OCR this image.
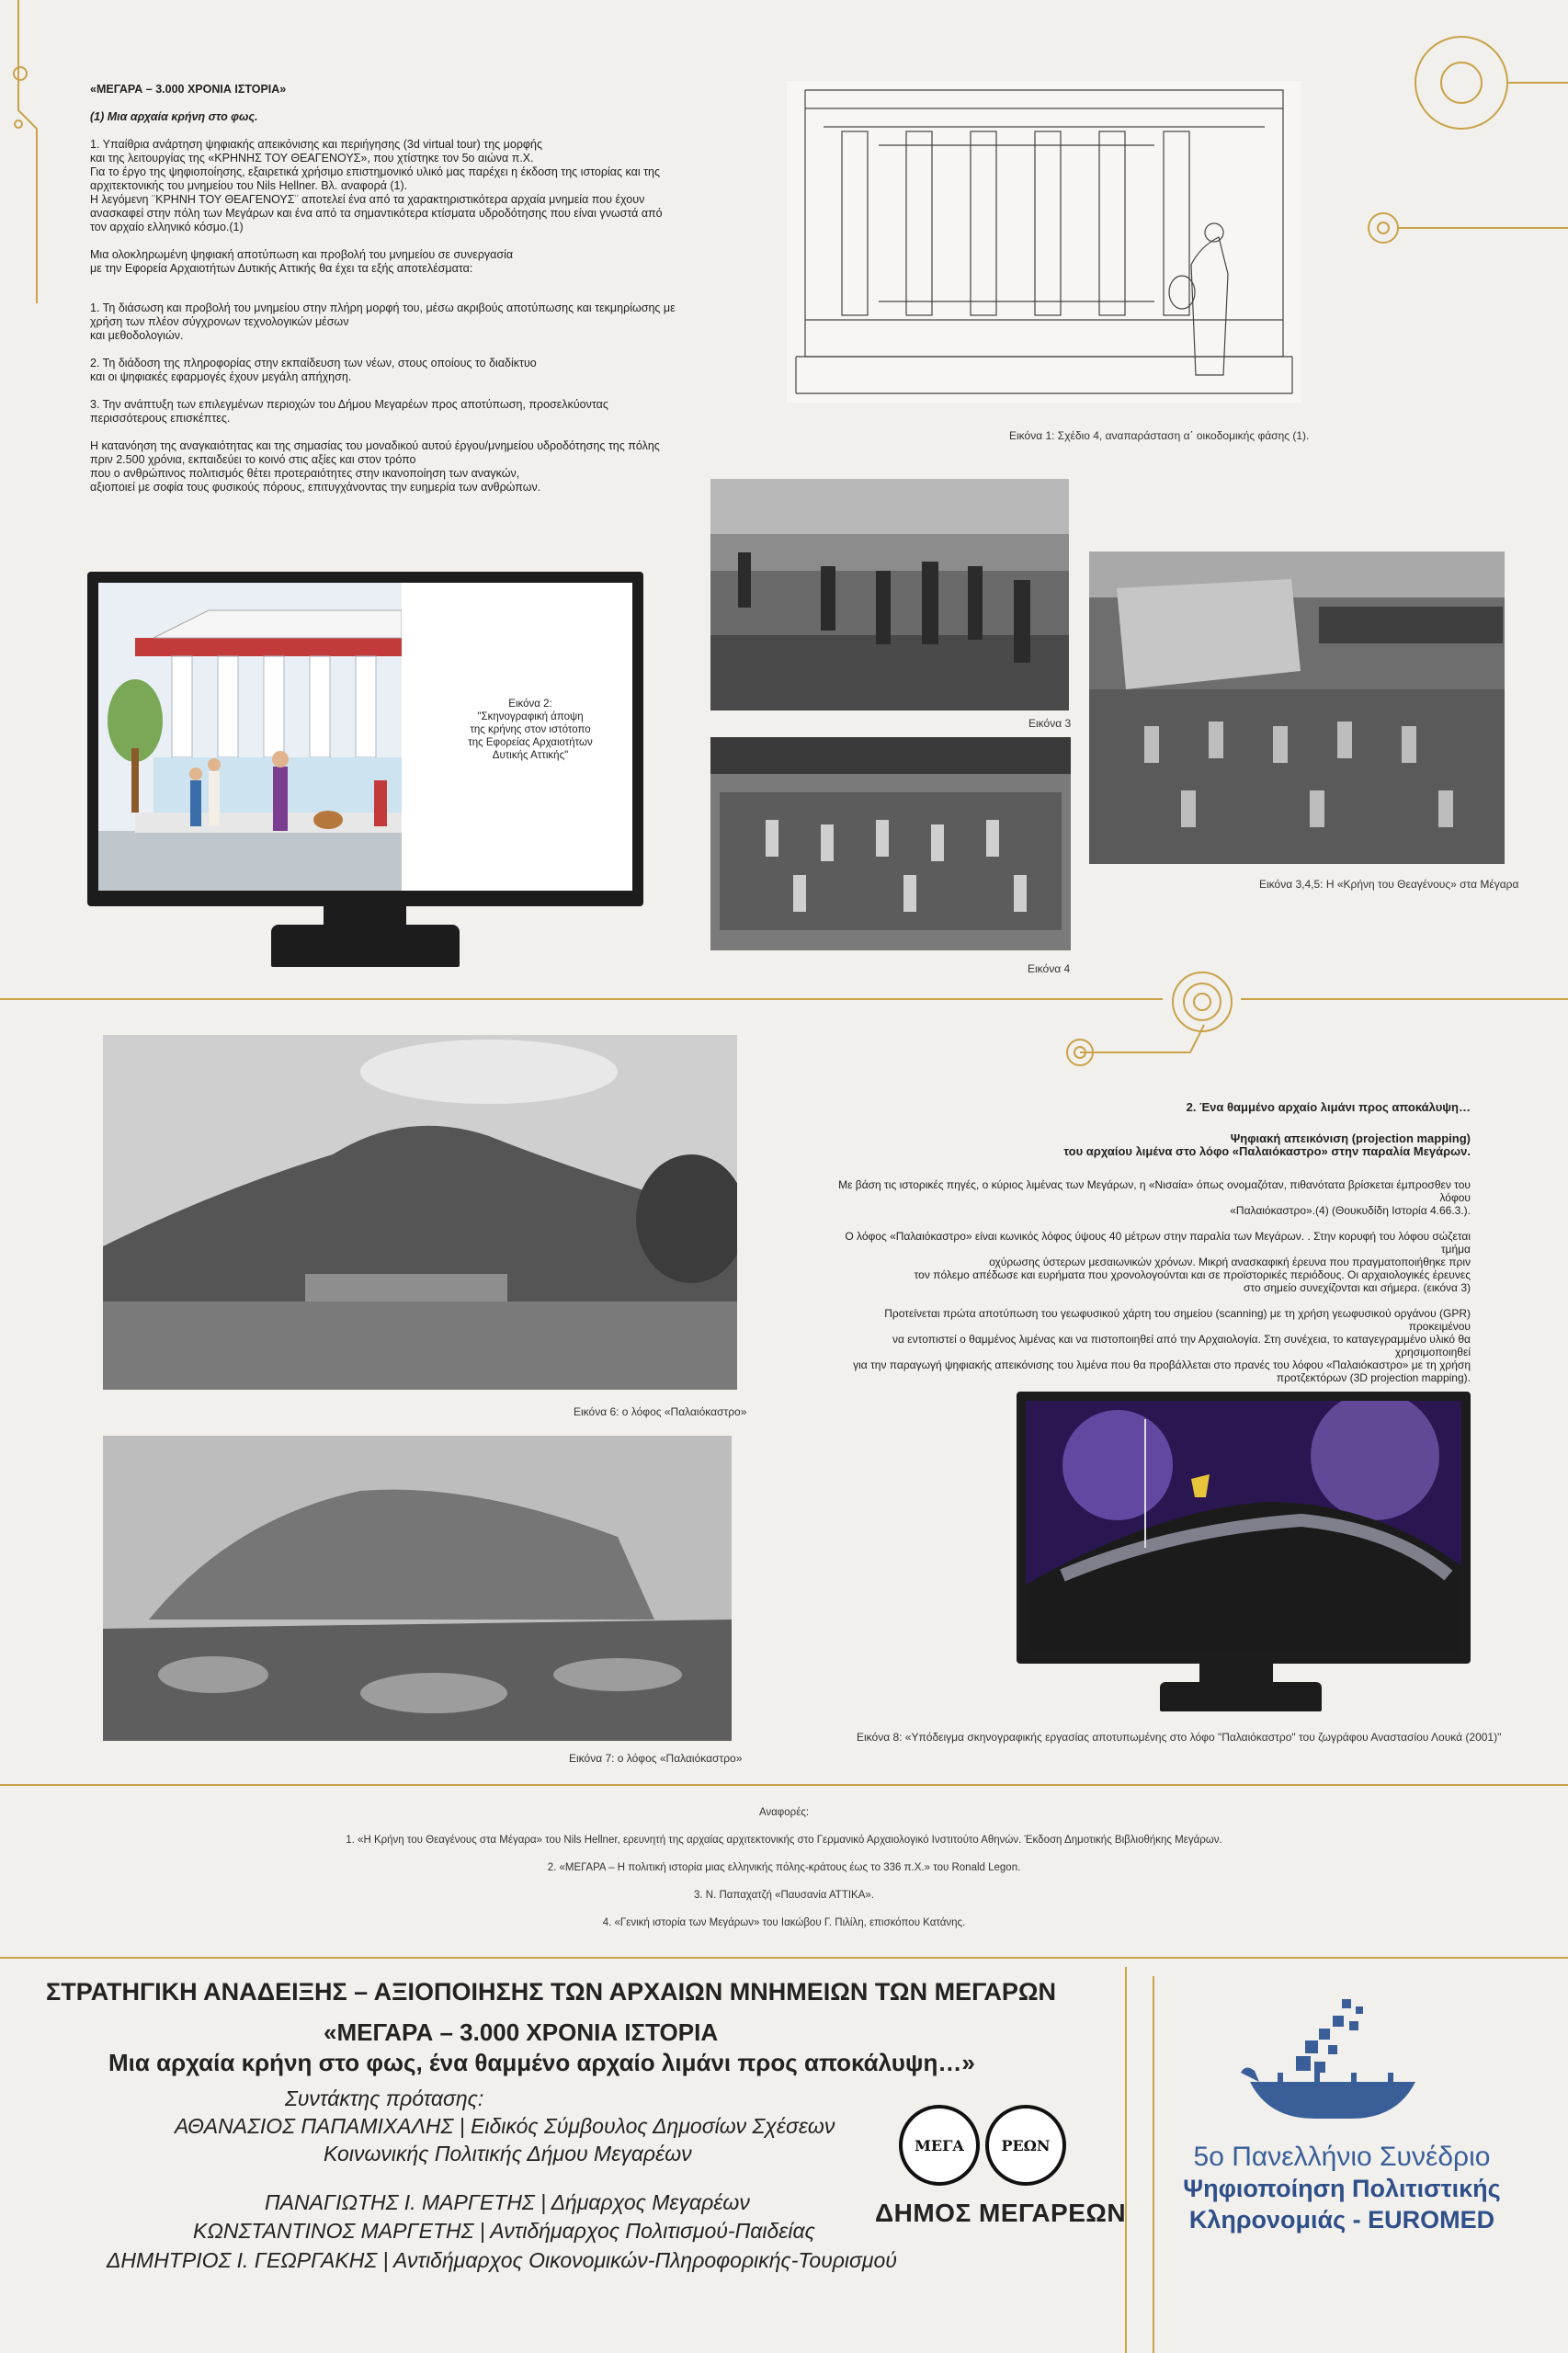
«ΜΕΓΑΡΑ – 3.000 ΧΡΟΝΙΑ ΙΣΤΟΡΙΑ»

(1) Μια αρχαία κρήνη στο φως.

1. Υπαίθρια ανάρτηση ψηφιακής απεικόνισης και περιήγησης (3d virtual tour) της μορφής
και της λειτουργίας της «ΚΡΗΝΗΣ ΤΟΥ ΘΕΑΓΕΝΟΥΣ», που χτίστηκε τον 5ο αιώνα π.Χ.
Για το έργο της ψηφιοποίησης, εξαιρετικά χρήσιμο επιστημονικό υλικό μας παρέχει η έκδοση της ιστορίας και της αρχιτεκτονικής του μνημείου του Nils Hellner. Βλ. αναφορά (1).
Η λεγόμενη ¨ΚΡΗΝΗ ΤΟΥ ΘΕΑΓΕΝΟΥΣ¨ αποτελεί ένα από τα χαρακτηριστικότερα αρχαία μνημεία που έχουν ανασκαφεί στην πόλη των Μεγάρων και ένα από τα σημαντικότερα κτίσματα υδροδότησης που είναι γνωστά από τον αρχαίο ελληνικό κόσμο.(1)

Μια ολοκληρωμένη ψηφιακή αποτύπωση και προβολή του μνημείου σε συνεργασία
με την Εφορεία Αρχαιοτήτων Δυτικής Αττικής θα έχει τα εξής αποτελέσματα:

1. Τη διάσωση και προβολή του μνημείου στην πλήρη μορφή του, μέσω ακριβούς αποτύπωσης και τεκμηρίωσης με χρήση των πλέον σύγχρονων τεχνολογικών μέσων
και μεθοδολογιών.

2. Τη διάδοση της πληροφορίας στην εκπαίδευση των νέων, στους οποίους το διαδίκτυο
και οι ψηφιακές εφαρμογές έχουν μεγάλη απήχηση.

3. Την ανάπτυξη των επιλεγμένων περιοχών του Δήμου Μεγαρέων προς αποτύπωση, προσελκύοντας περισσότερους επισκέπτες.

Η κατανόηση της αναγκαιότητας και της σημασίας του μοναδικού αυτού έργου/μνημείου υδροδότησης της πόλης
πριν 2.500 χρόνια, εκπαιδεύει το κοινό στις αξίες και στον τρόπο
που ο ανθρώπινος πολιτισμός θέτει προτεραιότητες στην ικανοποίηση των αναγκών,
αξιοποιεί με σοφία τους φυσικούς πόρους, επιτυγχάνοντας την ευημερία των ανθρώπων.

Εικόνα 1: Σχέδιο 4, αναπαράσταση α΄ οικοδομικής φάσης (1).
Εικόνα 2:
"Σκηνογραφική άποψη
της κρήνης στον ιστότοπο
της Εφορείας Αρχαιοτήτων
Δυτικής Αττικής"
Εικόνα 3
Εικόνα 4
Εικόνα 3,4,5: Η «Κρήνη του Θεαγένους» στα Μέγαρα
Εικόνα 6: ο λόφος «Παλαιόκαστρο»
Εικόνα 7: ο λόφος «Παλαιόκαστρο»

2. Ένα θαμμένο αρχαίο λιμάνι προς αποκάλυψη…

Ψηφιακή απεικόνιση (projection mapping)
του αρχαίου λιμένα στο λόφο «Παλαιόκαστρο» στην παραλία Μεγάρων.

Με βάση τις ιστορικές πηγές, ο κύριος λιμένας των Μεγάρων, η «Νισαία» όπως ονομαζόταν, πιθανότατα βρίσκεται έμπροσθεν του λόφου
«Παλαιόκαστρο».(4) (Θουκυδίδη Ιστορία 4.66.3.).

Ο λόφος «Παλαιόκαστρο» είναι κωνικός λόφος ύψους 40 μέτρων στην παραλία των Μεγάρων. . Στην κορυφή του λόφου σώζεται τμήμα
οχύρωσης ύστερων μεσαιωνικών χρόνων. Μικρή ανασκαφική έρευνα που πραγματοποιήθηκε πριν
τον πόλεμο απέδωσε και ευρήματα που χρονολογούνται και σε προϊστορικές περιόδους. Οι αρχαιολογικές έρευνες
στο σημείο συνεχίζονται και σήμερα. (εικόνα 3)

Προτείνεται πρώτα αποτύπωση του γεωφυσικού χάρτη του σημείου (scanning) με τη χρήση γεωφυσικού οργάνου (GPR) προκειμένου
να εντοπιστεί ο θαμμένος λιμένας και να πιστοποιηθεί από την Αρχαιολογία. Στη συνέχεια, το καταγεγραμμένο υλικό θα χρησιμοποιηθεί
για την παραγωγή ψηφιακής απεικόνισης του λιμένα που θα προβάλλεται στο πρανές του λόφου «Παλαιόκαστρο» με τη χρήση
προτζεκτόρων (3D projection mapping).

Εικόνα 8: «Υπόδειγμα σκηνογραφικής εργασίας αποτυπωμένης στο λόφο "Παλαιόκαστρο" του ζωγράφου Αναστασίου Λουκά (2001)"
Αναφορές:
1. «Η Κρήνη του Θεαγένους στα Μέγαρα» του Nils Hellner, ερευνητή της αρχαίας αρχιτεκτονικής στο Γερμανικό Αρχαιολογικό Ινστιτούτο Αθηνών. Έκδοση Δημοτικής Βιβλιοθήκης Μεγάρων.
2. «ΜΕΓΑΡΑ – Η πολιτική ιστορία μιας ελληνικής πόλης-κράτους έως το 336 π.Χ.» του Ronald Legon.
3. Ν. Παπαχατζή «Παυσανία ΑΤΤΙΚΑ».
4. «Γενική ιστορία των Μεγάρων» του Ιακώβου Γ. Πιλίλη, επισκόπου Κατάνης.
ΣΤΡΑΤΗΓΙΚΗ ΑΝΑΔΕΙΞΗΣ – ΑΞΙΟΠΟΙΗΣΗΣ ΤΩΝ ΑΡΧΑΙΩΝ ΜΝΗΜΕΙΩΝ ΤΩΝ ΜΕΓΑΡΩΝ
«ΜΕΓΑΡΑ – 3.000 ΧΡΟΝΙΑ ΙΣΤΟΡΙΑ
Μια αρχαία κρήνη στο φως, ένα θαμμένο αρχαίο λιμάνι προς αποκάλυψη…»
Συντάκτης πρότασης:
ΑΘΑΝΑΣΙΟΣ ΠΑΠΑΜΙΧΑΛΗΣ | Ειδικός Σύμβουλος Δημοσίων Σχέσεων
Κοινωνικής Πολιτικής Δήμου Μεγαρέων
ΠΑΝΑΓΙΩΤΗΣ Ι. ΜΑΡΓΕΤΗΣ | Δήμαρχος Μεγαρέων
ΚΩΝΣΤΑΝΤΙΝΟΣ ΜΑΡΓΕΤΗΣ | Αντιδήμαρχος Πολιτισμού-Παιδείας
ΔΗΜΗΤΡΙΟΣ Ι. ΓΕΩΡΓΑΚΗΣ | Αντιδήμαρχος Οικονομικών-Πληροφορικής-Τουρισμού
ΜΕΓΑ	ΡΕΩΝ
ΔΗΜΟΣ ΜΕΓΑΡΕΩΝ
5ο Πανελλήνιο Συνέδριο
Ψηφιοποίηση Πολιτιστικής
Κληρονομιάς - EUROMED
